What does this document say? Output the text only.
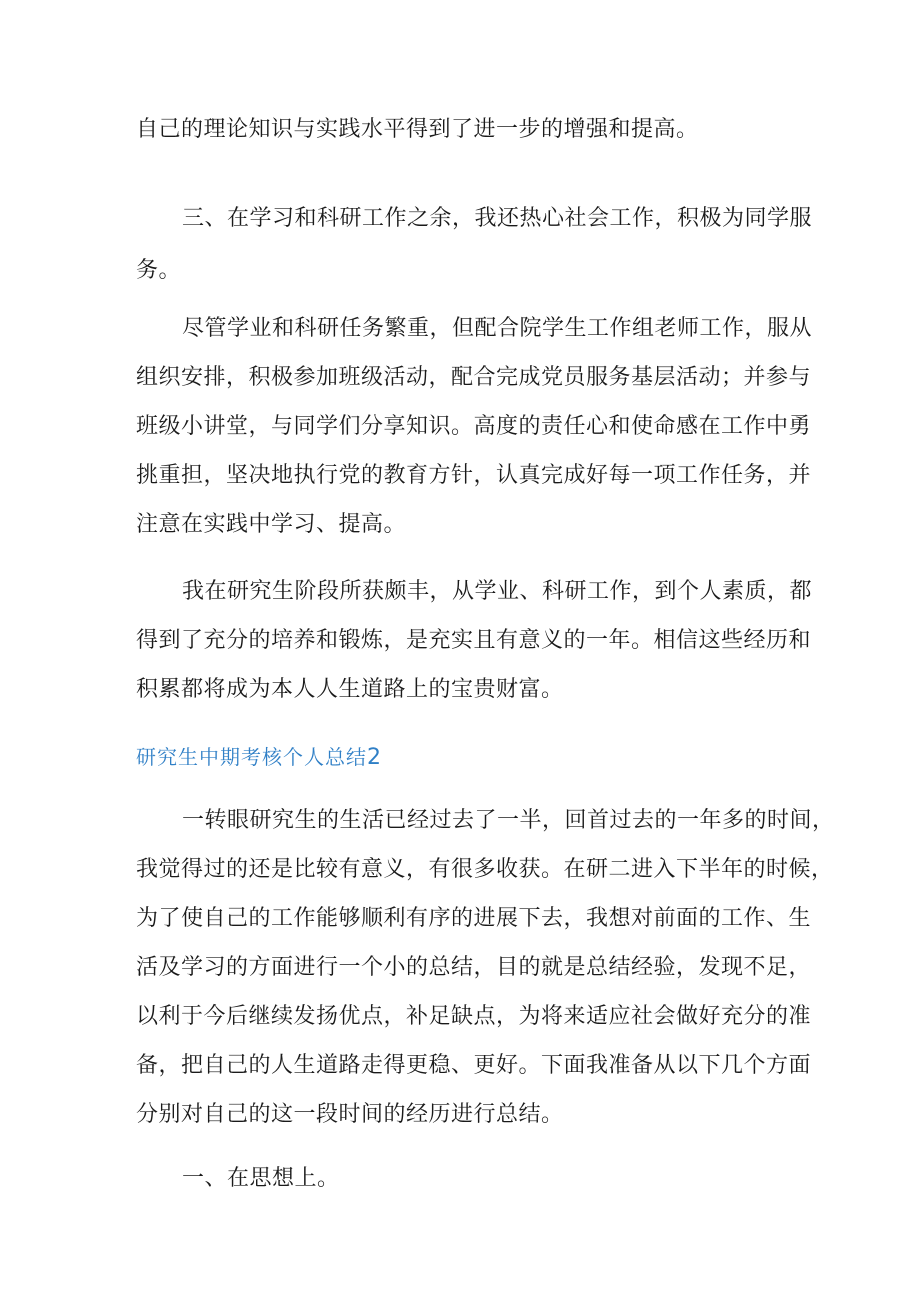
自己的理论知识与实践水平得到了进一步的增强和提高。
三、在学习和科研工作之余，我还热心社会工作，积极为同学服
务。
尽管学业和科研任务繁重，但配合院学生工作组老师工作，服从
组织安排，积极参加班级活动，配合完成党员服务基层活动；并参与
班级小讲堂，与同学们分享知识。高度的责任心和使命感在工作中勇
挑重担，坚决地执行党的教育方针，认真完成好每一项工作任务，并
注意在实践中学习、提高。
我在研究生阶段所获颇丰，从学业、科研工作，到个人素质，都
得到了充分的培养和锻炼，是充实且有意义的一年。相信这些经历和
积累都将成为本人人生道路上的宝贵财富。
研究生中期考核个人总结2
一转眼研究生的生活已经过去了一半，回首过去的一年多的时间，
我觉得过的还是比较有意义，有很多收获。在研二进入下半年的时候，
为了使自己的工作能够顺利有序的进展下去，我想对前面的工作、生
活及学习的方面进行一个小的总结，目的就是总结经验，发现不足，
以利于今后继续发扬优点，补足缺点，为将来适应社会做好充分的准
备，把自己的人生道路走得更稳、更好。下面我准备从以下几个方面
分别对自己的这一段时间的经历进行总结。
一、在思想上。
